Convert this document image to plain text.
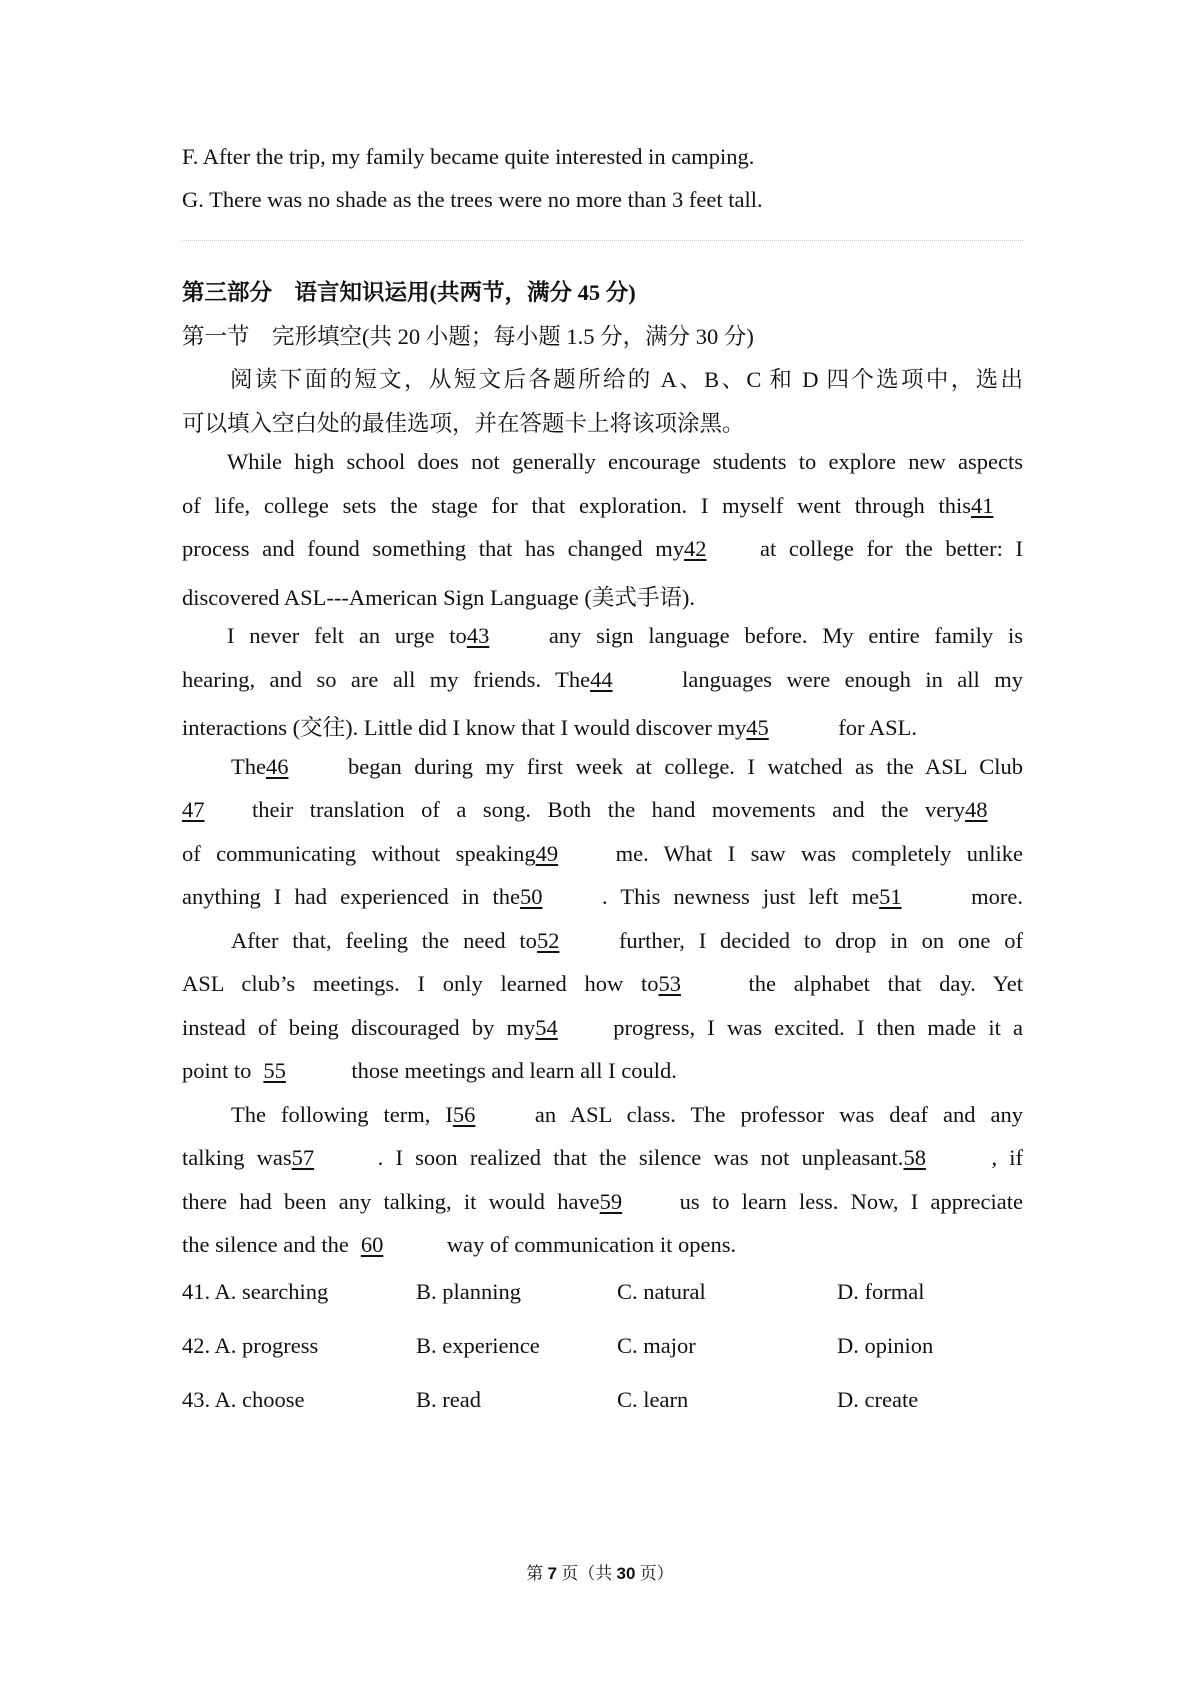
F. After the trip, my family became quite interested in camping.
G. There was no shade as the trees were no more than 3 feet tall.
第三部分　语言知识运用(共两节，满分 45 分)
第一节　完形填空(共 20 小题；每小题 1.5 分，满分 30 分)
阅读下面的短文，从短文后各题所给的 A、B、C 和 D 四个选项中，选出
可以填入空白处的最佳选项，并在答题卡上将该项涂黑。
While high school does not generally encourage students to explore new aspects
of life, college sets the stage for that exploration. I myself went through this41
process and found something that has changed my42 at college for the better: I
discovered ASL---American Sign Language (美式手语).
I never felt an urge to43	any sign language before. My entire family is
hearing, and so are all my friends. The44	languages were enough in all my
interactions (交往). Little did I know that I would discover my45	for ASL.
The46	began during my first week at college. I watched as the ASL Club
47 their translation of a song. Both the hand movements and the very48
of communicating without speaking49	me. What I saw was completely unlike
anything I had experienced in the50	. This newness just left me51	more.
After that, feeling the need to52	further, I decided to drop in on one of
ASL club’s meetings. I only learned how to53	the alphabet that day. Yet
instead of being discouraged by my54 progress, I was excited. I then made it a
point to 55	those meetings and learn all I could.
The following term, I56	an ASL class. The professor was deaf and any
talking was57	. I soon realized that the silence was not unpleasant.58	, if
there had been any talking, it would have59	us to learn less. Now, I appreciate
the silence and the 60	way of communication it opens.
41. A. searching	B. planning	C. natural	D. formal
42. A. progress	B. experience	C. major	D. opinion
43. A. choose	B. read	C. learn	D. create
第 7 页（共 30 页）
